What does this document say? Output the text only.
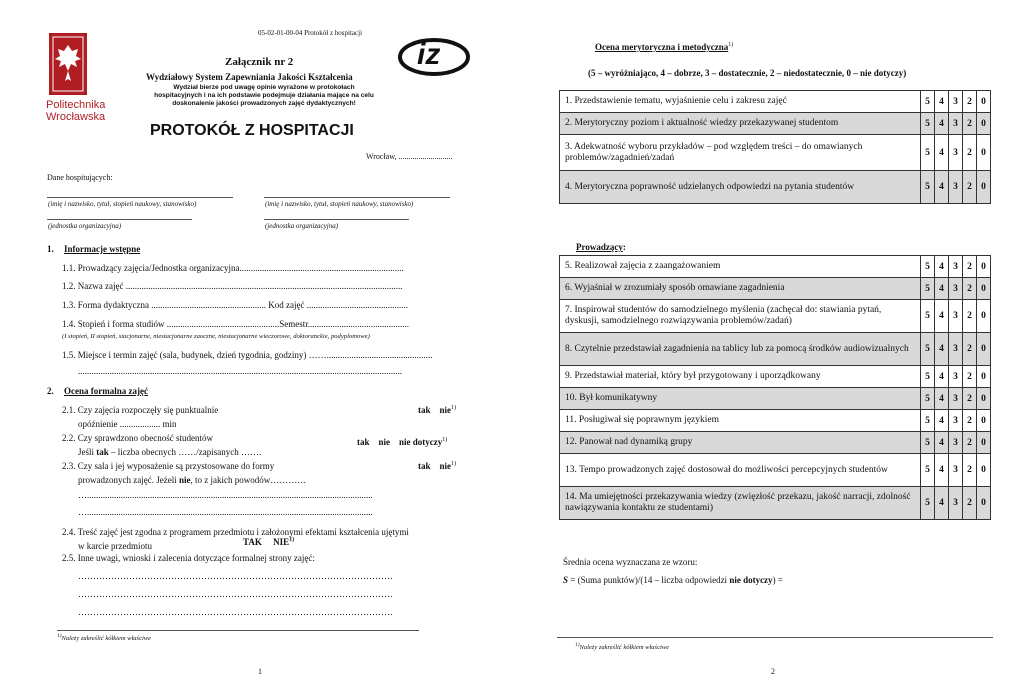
05-02-01-00-04 Protokół z hospitacji
Politechnika
Wrocławska
iz
Załącznik nr 2
Wydziałowy System Zapewniania Jakości Kształcenia
Wydział bierze pod uwagę opinie wyrażone w protokołach
hospitacyjnych i na ich podstawie podejmuje działania mające na celu
doskonalenie jakości prowadzonych zajęć dydaktycznych!
PROTOKÓŁ Z HOSPITACJI
Wrocław, ...........................
Dane hospitujących:
(imię i nazwisko, tytuł, stopień naukowy, stanowisko)	(imię i nazwisko, tytuł, stopień naukowy, stanowisko)
(jednostka organizacyjna)	(jednostka organizacyjna)
1. Informacje wstępne
1.1. Prowadzący zajęcia/Jednostka organizacyjna.........................................................................
1.2. Nazwa zajęć ...........................................................................................................................
1.3. Forma dydaktyczna ................................................... Kod zajęć .............................................
1.4. Stopień i forma studiów ..................................................Semestr.............................................
(I stopień, II stopień, stacjonarne, niestacjonarne zaoczne, niestacjonarne wieczorowe, doktoranckie, podyplomowe)
1.5. Miejsce i termin zajęć (sala, budynek, dzień tygodnia, godziny) ……...............................................
................................................................................................................................................
2. Ocena formalna zajęć
2.1. Czy zajęcia rozpoczęły się punktualnie
opóźnienie .................. min
tak    nie$^{1)}$
2.2. Czy sprawdzono obecność studentów
Jeśli tak – liczba obecnych ……/zapisanych …….
tak    nie    nie dotyczy$^{1)}$
2.3. Czy sala i jej wyposażenie są przystosowane do formy
prowadzonych zajęć. Jeżeli nie, to z jakich powodów…………
tak    nie$^{1)}$
…...............................................................................................................................
…...............................................................................................................................
2.4. Treść zajęć jest zgodna z programem przedmiotu i założonymi efektami kształcenia ujętymi
w karcie przedmiotu	TAK     NIE$^{1)}$
2.5. Inne uwagi, wnioski i zalecenia dotyczące formalnej strony zajęć:
……………………………………………………………………………………………
……………………………………………………………………………………………
……………………………………………………………………………………………
$^{1)}$Należy zakreślić kółkiem właściwe
1
Ocena merytoryczna i metodyczna$^{1)}$
(5 – wyróżniająco, 4 – dobrze, 3 – dostatecznie, 2 – niedostatecznie, 0 – nie dotyczy)
1. Przedstawienie tematu, wyjaśnienie celu i zakresu zajęć	5	4	3	2	0
2. Merytoryczny poziom i aktualność wiedzy przekazywanej studentom	5	4	3	2	0
3. Adekwatność wyboru przykładów – pod względem treści – do omawianych problemów/zagadnień/zadań	5	4	3	2	0
4. Merytoryczna poprawność udzielanych odpowiedzi na pytania studentów	5	4	3	2	0
Prowadzący:
5. Realizował zajęcia z zaangażowaniem	5	4	3	2	0
6. Wyjaśniał w zrozumiały sposób omawiane zagadnienia	5	4	3	2	0
7. Inspirował studentów do samodzielnego myślenia (zachęcał do: stawiania pytań, dyskusji, samodzielnego rozwiązywania problemów/zadań)	5	4	3	2	0
8. Czytelnie przedstawiał zagadnienia na tablicy lub za pomocą środków audiowizualnych	5	4	3	2	0
9. Przedstawiał materiał, który był przygotowany i uporządkowany	5	4	3	2	0
10. Był komunikatywny	5	4	3	2	0
11. Posługiwał się poprawnym językiem	5	4	3	2	0
12. Panował nad dynamiką grupy	5	4	3	2	0
13. Tempo prowadzonych zajęć dostosował do możliwości percepcyjnych studentów	5	4	3	2	0
14. Ma umiejętności przekazywania wiedzy (zwięzłość przekazu, jakość narracji, zdolność nawiązywania kontaktu ze studentami)	5	4	3	2	0
Średnia ocena wyznaczana ze wzoru:
S = (Suma punktów)/(14 – liczba odpowiedzi nie dotyczy) =
$^{1)}$Należy zakreślić kółkiem właściwe
2
